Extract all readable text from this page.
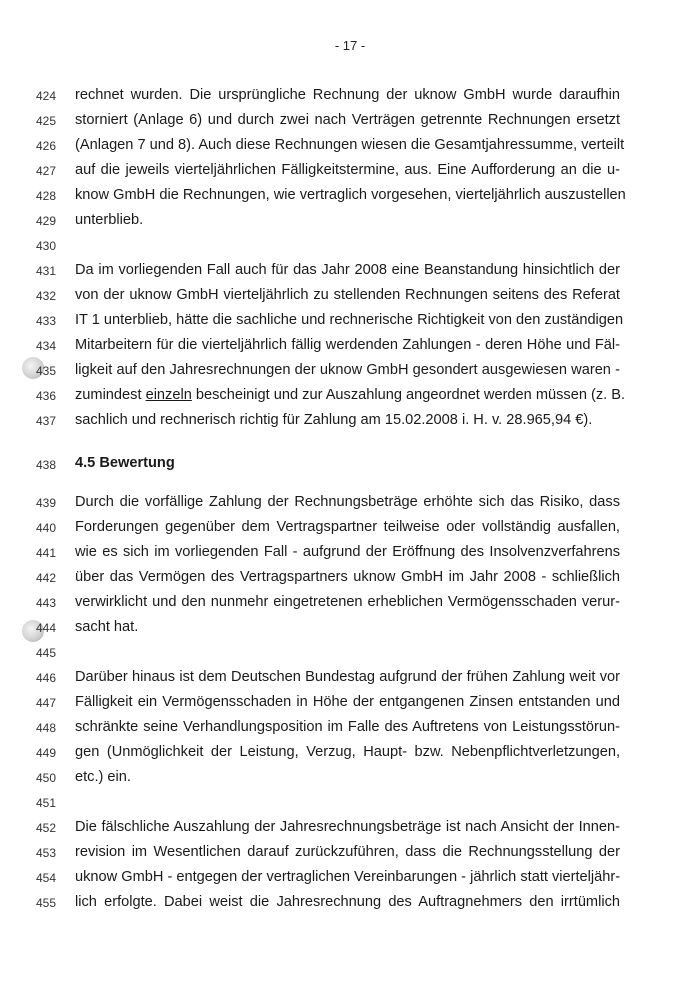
- 17 -
424	rechnet wurden. Die ursprüngliche Rechnung der uknow GmbH wurde daraufhin
425	storniert (Anlage 6) und durch zwei nach Verträgen getrennte Rechnungen ersetzt
426	(Anlagen 7 und 8). Auch diese Rechnungen wiesen die Gesamtjahressumme, verteilt
427	auf die jeweils vierteljährlichen Fälligkeitstermine, aus. Eine Aufforderung an die u-
428	know GmbH die Rechnungen, wie vertraglich vorgesehen, vierteljährlich auszustellen
429	unterblieb.
430
431	Da im vorliegenden Fall auch für das Jahr 2008 eine Beanstandung hinsichtlich der
432	von der uknow GmbH vierteljährlich zu stellenden Rechnungen seitens des Referat
433	IT 1 unterblieb, hätte die sachliche und rechnerische Richtigkeit von den zuständigen
434	Mitarbeitern für die vierteljährlich fällig werdenden Zahlungen - deren Höhe und Fäl-
435	ligkeit auf den Jahresrechnungen der uknow GmbH gesondert ausgewiesen waren -
436	zumindest einzeln bescheinigt und zur Auszahlung angeordnet werden müssen (z. B.
437	sachlich und rechnerisch richtig für Zahlung am 15.02.2008 i. H. v. 28.965,94 €).
438	4.5 Bewertung
439	Durch die vorfällige Zahlung der Rechnungsbeträge erhöhte sich das Risiko, dass
440	Forderungen gegenüber dem Vertragspartner teilweise oder vollständig ausfallen,
441	wie es sich im vorliegenden Fall - aufgrund der Eröffnung des Insolvenzverfahrens
442	über das Vermögen des Vertragspartners uknow GmbH im Jahr 2008 - schließlich
443	verwirklicht und den nunmehr eingetretenen erheblichen Vermögensschaden verur-
444	sacht hat.
445
446	Darüber hinaus ist dem Deutschen Bundestag aufgrund der frühen Zahlung weit vor
447	Fälligkeit ein Vermögensschaden in Höhe der entgangenen Zinsen entstanden und
448	schränkte seine Verhandlungsposition im Falle des Auftretens von Leistungsstörun-
449	gen (Unmöglichkeit der Leistung, Verzug, Haupt- bzw. Nebenpflichtverletzungen,
450	etc.) ein.
451
452	Die fälschliche Auszahlung der Jahresrechnungsbeträge ist nach Ansicht der Innen-
453	revision im Wesentlichen darauf zurückzuführen, dass die Rechnungsstellung der
454	uknow GmbH - entgegen der vertraglichen Vereinbarungen - jährlich statt vierteljähr-
455	lich erfolgte. Dabei weist die Jahresrechnung des Auftragnehmers den irrtümlich
